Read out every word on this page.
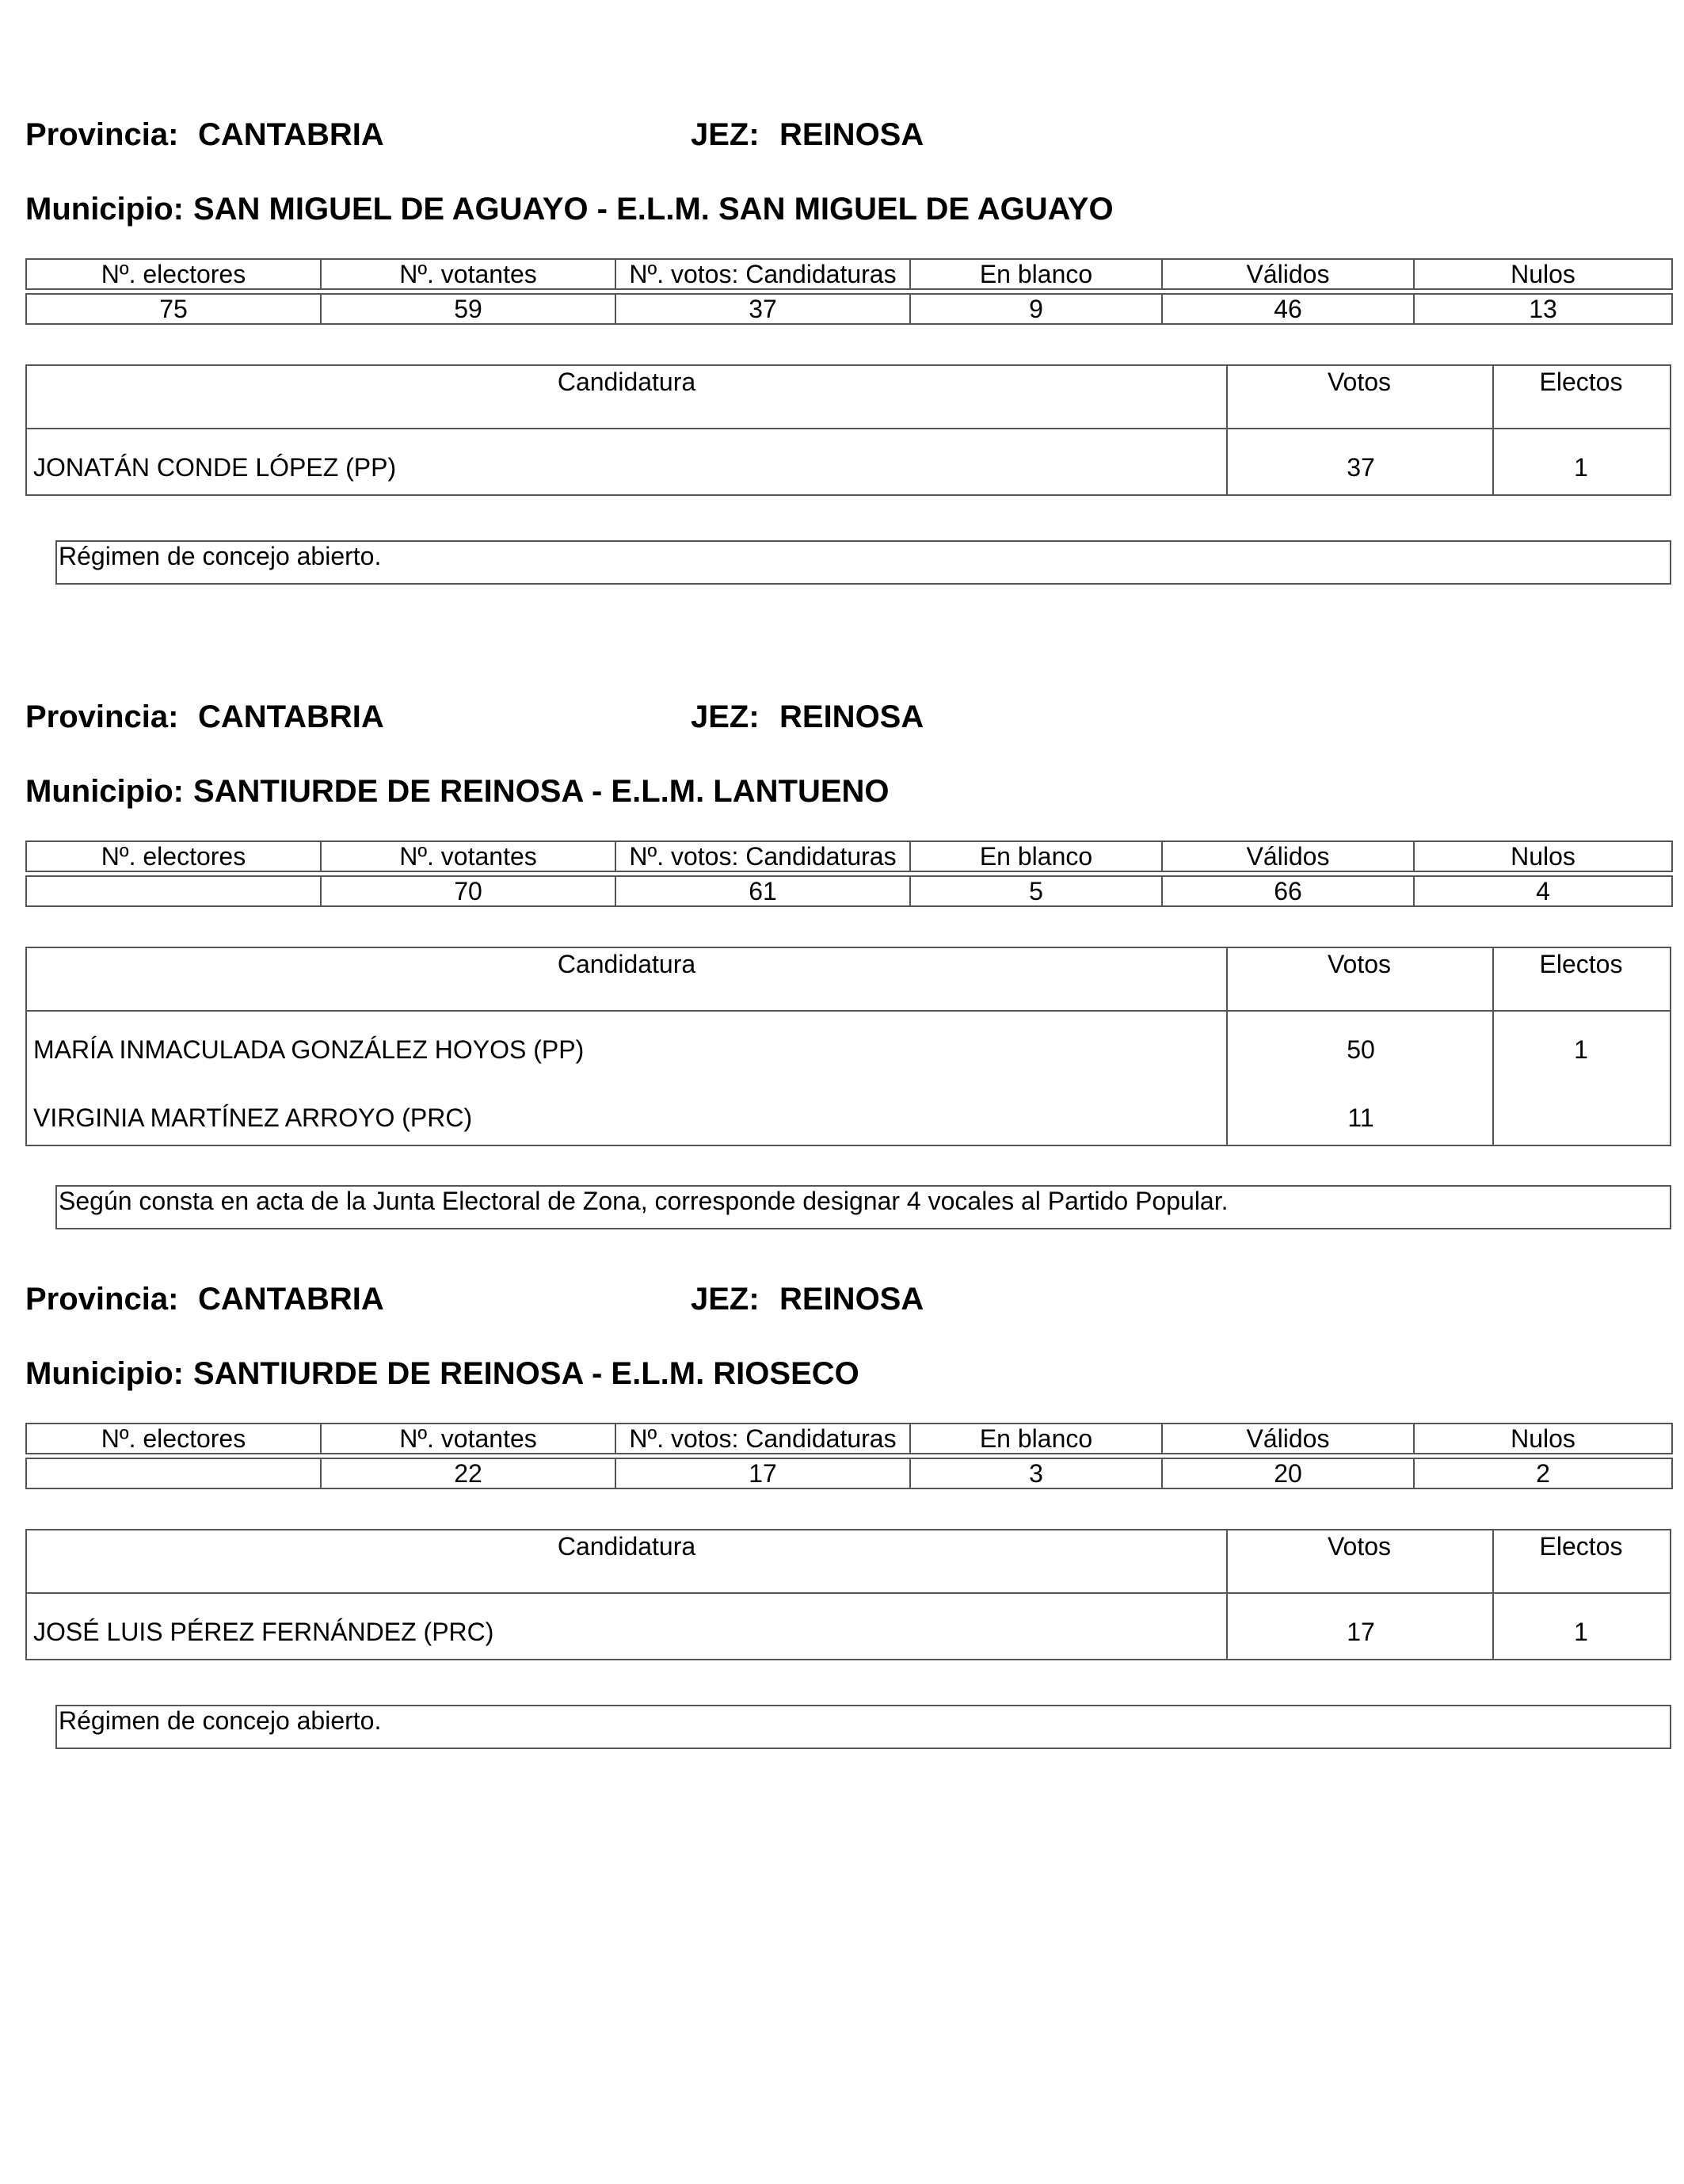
Provincia: CANTABRIA	JEZ: REINOSA
Municipio: SAN MIGUEL DE AGUAYO - E.L.M. SAN MIGUEL DE AGUAYO
Nº. electores	Nº. votantes	Nº. votos: Candidaturas	En blanco	Válidos	Nulos

75	59	37	9	46	13
Candidatura	Votos	Electos
JONATÁN CONDE LÓPEZ (PP)	37	1
Régimen de concejo abierto.
Provincia: CANTABRIA	JEZ: REINOSA
Municipio: SANTIURDE DE REINOSA - E.L.M. LANTUENO
Nº. electores	Nº. votantes	Nº. votos: Candidaturas	En blanco	Válidos	Nulos

	70	61	5	66	4
Candidatura	Votos	Electos
MARÍA INMACULADA GONZÁLEZ HOYOS (PP)	50	1
VIRGINIA MARTÍNEZ ARROYO (PRC)	11
Según consta en acta de la Junta Electoral de Zona, corresponde designar 4 vocales al Partido Popular.
Provincia: CANTABRIA	JEZ: REINOSA
Municipio: SANTIURDE DE REINOSA - E.L.M. RIOSECO
Nº. electores	Nº. votantes	Nº. votos: Candidaturas	En blanco	Válidos	Nulos

	22	17	3	20	2
Candidatura	Votos	Electos
JOSÉ LUIS PÉREZ FERNÁNDEZ (PRC)	17	1
Régimen de concejo abierto.
